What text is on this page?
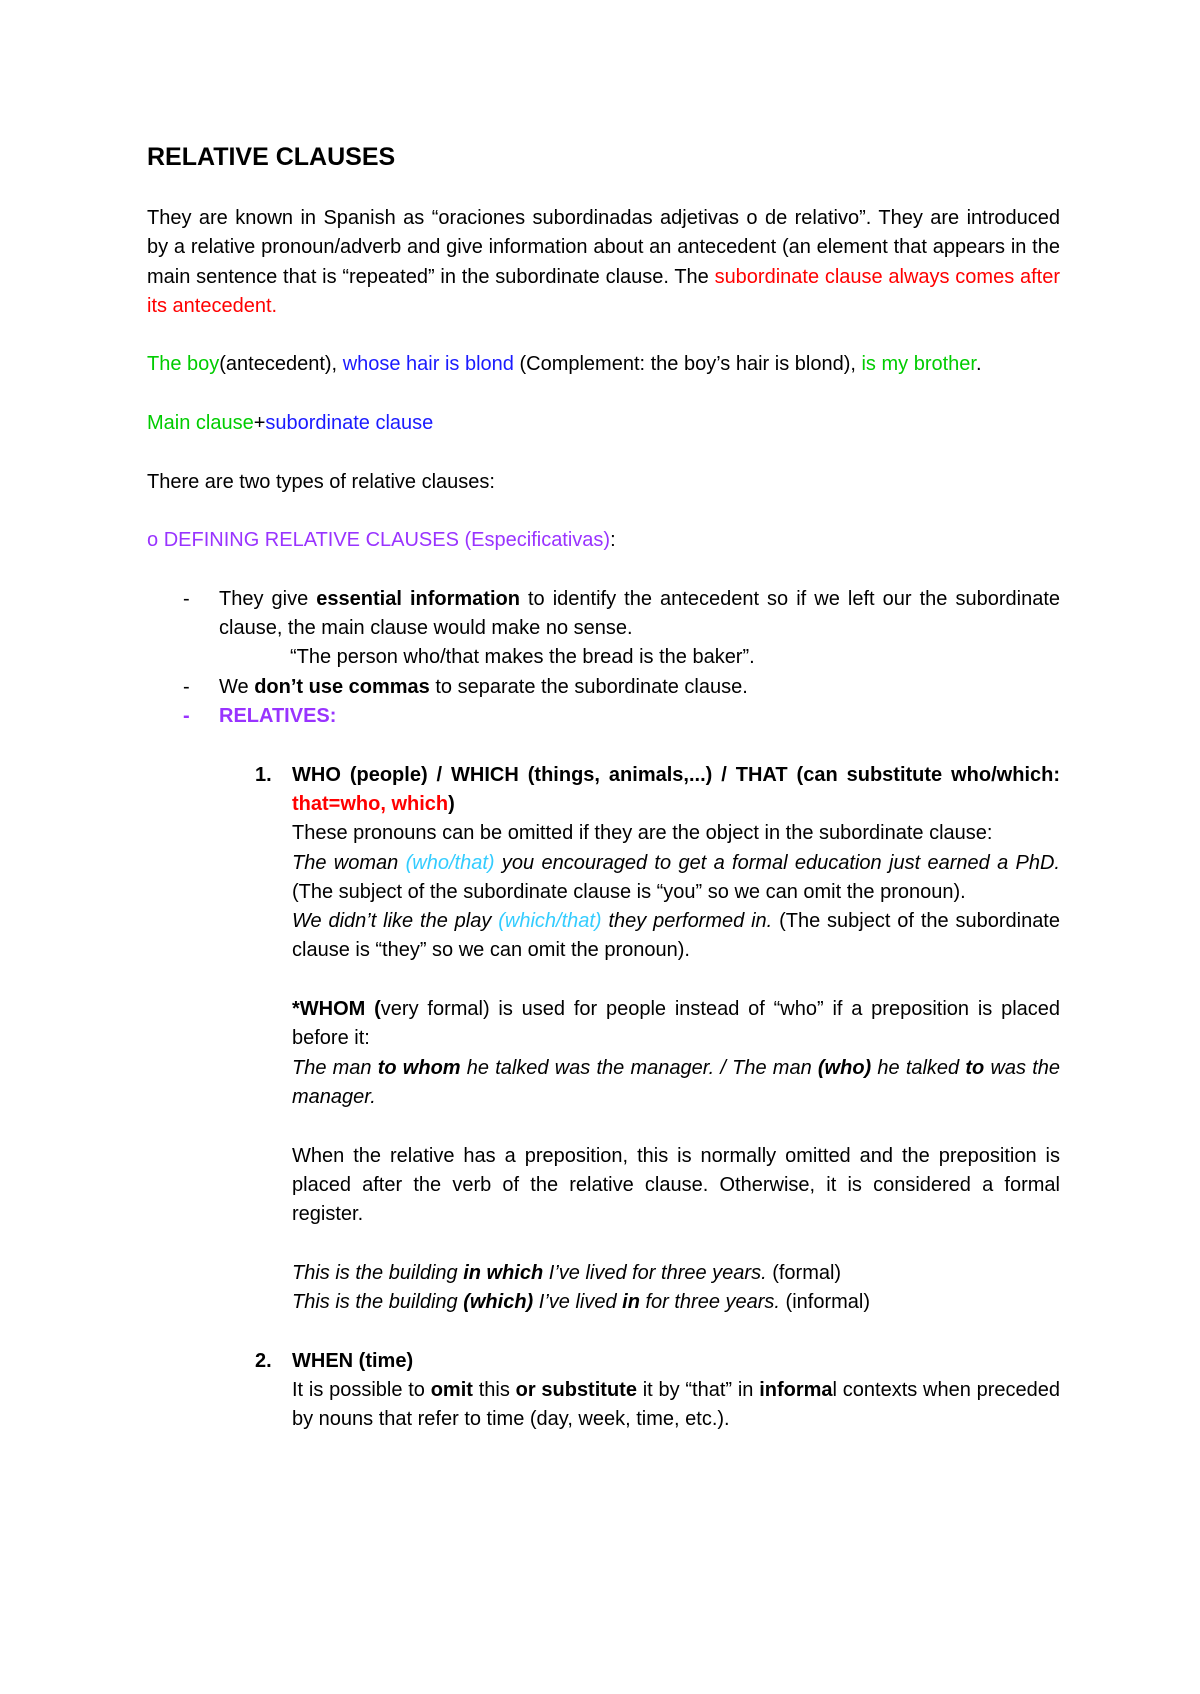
RELATIVE CLAUSES

They are known in Spanish as “oraciones subordinadas adjetivas o de relativo”. They are introduced by a relative pronoun/adverb and give information about an antecedent (an element that appears in the main sentence that is “repeated” in the subordinate clause. The subordinate clause always comes after its antecedent.

The boy(antecedent), whose hair is blond (Complement: the boy’s hair is blond), is my brother.

Main clause+subordinate clause

There are two types of relative clauses:

o DEFINING RELATIVE CLAUSES (Especificativas):

- They give essential information to identify the antecedent so if we left our the subordinate clause, the main clause would make no sense.

“The person who/that makes the bread is the baker”.

- We don’t use commas to separate the subordinate clause.
- RELATIVES:

1. WHO (people) / WHICH (things, animals,...) / THAT (can substitute who/which: that=who, which)

These pronouns can be omitted if they are the object in the subordinate clause:

The woman (who/that) you encouraged to get a formal education just earned a PhD. (The subject of the subordinate clause is “you” so we can omit the pronoun).

We didn’t like the play (which/that) they performed in. (The subject of the subordinate clause is “they” so we can omit the pronoun).

*WHOM (very formal) is used for people instead of “who” if a preposition is placed before it:

The man to whom he talked was the manager. / The man (who) he talked to was the manager.

When the relative has a preposition, this is normally omitted and the preposition is placed after the verb of the relative clause. Otherwise, it is considered a formal register.

This is the building in which I’ve lived for three years. (formal)

This is the building (which) I’ve lived in for three years. (informal)

2. WHEN (time)

It is possible to omit this or substitute it by “that” in informal contexts when preceded by nouns that refer to time (day, week, time, etc.).
